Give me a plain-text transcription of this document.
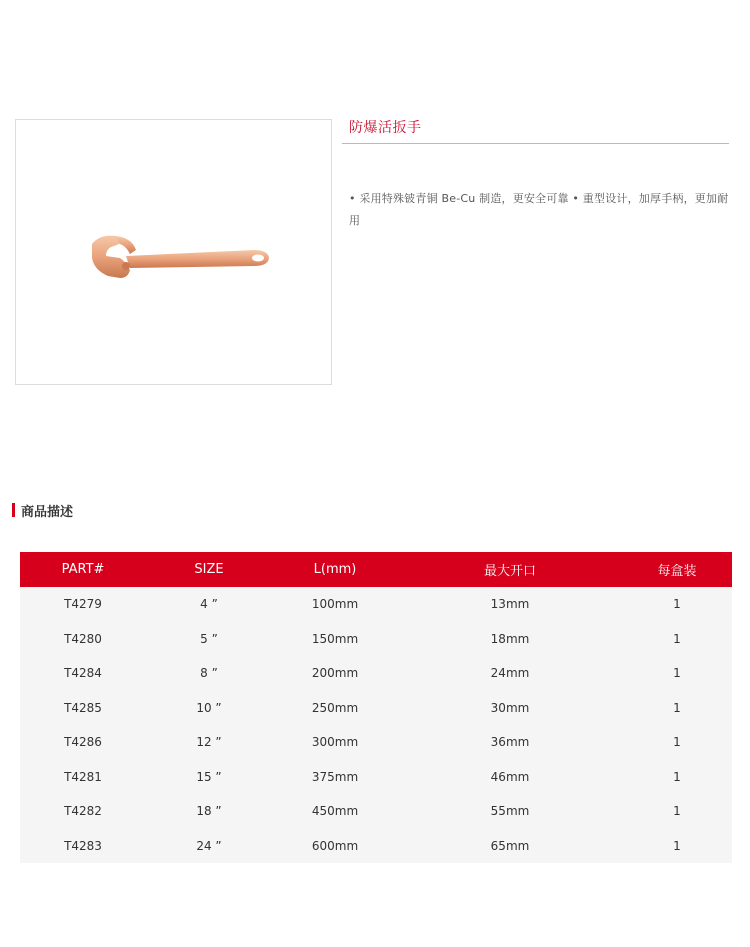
防爆活扳手
• 采用特殊铍青铜 Be-Cu 制造，更安全可靠 • 重型设计，加厚手柄，更加耐用
商品描述
PART#	SIZE	L(mm)	最大开口	每盒装
T4279	4 ”	100mm	13mm	1
T4280	5 ”	150mm	18mm	1
T4284	8 ”	200mm	24mm	1
T4285	10 ”	250mm	30mm	1
T4286	12 ”	300mm	36mm	1
T4281	15 ”	375mm	46mm	1
T4282	18 ”	450mm	55mm	1
T4283	24 ”	600mm	65mm	1
